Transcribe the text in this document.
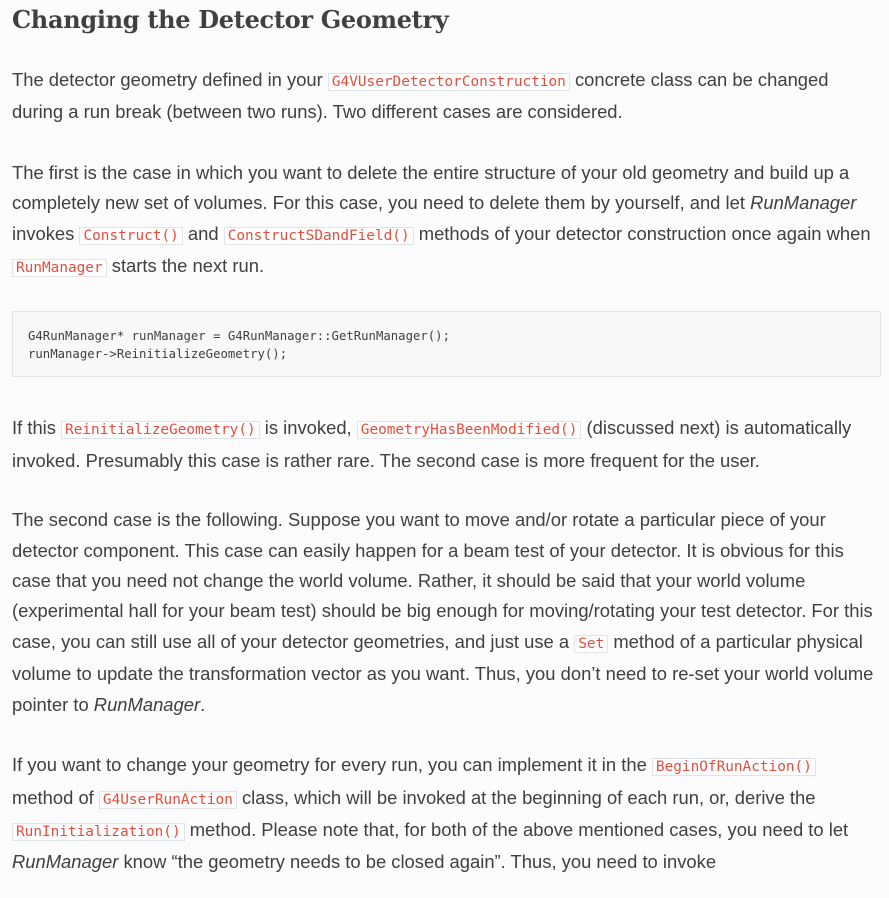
Changing the Detector Geometry

The detector geometry defined in your G4VUserDetectorConstruction concrete class can be changed during a run break (between two runs). Two different cases are considered.

The first is the case in which you want to delete the entire structure of your old geometry and build up a completely new set of volumes. For this case, you need to delete them by yourself, and let RunManager invokes Construct() and ConstructSDandField() methods of your detector construction once again when RunManager starts the next run.

G4RunManager* runManager = G4RunManager::GetRunManager();
runManager->ReinitializeGeometry();

If this ReinitializeGeometry() is invoked, GeometryHasBeenModified() (discussed next) is automatically invoked. Presumably this case is rather rare. The second case is more frequent for the user.

The second case is the following. Suppose you want to move and/or rotate a particular piece of your detector component. This case can easily happen for a beam test of your detector. It is obvious for this case that you need not change the world volume. Rather, it should be said that your world volume (experimental hall for your beam test) should be big enough for moving/rotating your test detector. For this case, you can still use all of your detector geometries, and just use a Set method of a particular physical volume to update the transformation vector as you want. Thus, you don’t need to re-set your world volume pointer to RunManager.

If you want to change your geometry for every run, you can implement it in the BeginOfRunAction() method of G4UserRunAction class, which will be invoked at the beginning of each run, or, derive the RunInitialization() method. Please note that, for both of the above mentioned cases, you need to let RunManager know “the geometry needs to be closed again”. Thus, you need to invoke
